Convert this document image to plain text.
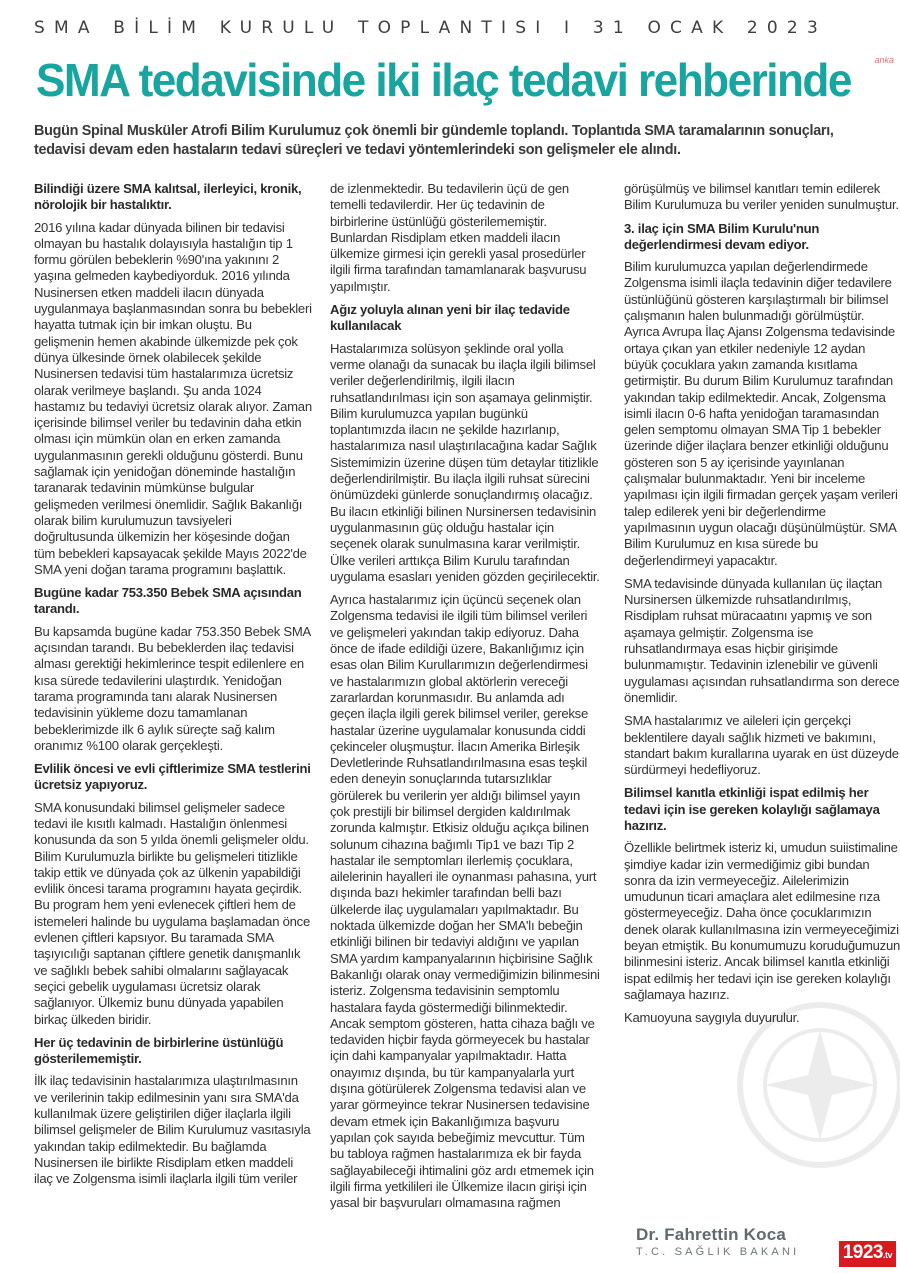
SMA BİLİM KURULU TOPLANTISI I 31 OCAK 2023
anka
SMA tedavisinde iki ilaç tedavi rehberinde
Bugün Spinal Musküler Atrofi Bilim Kurulumuz çok önemli bir gündemle toplandı. Toplantıda SMA taramalarının sonuçları, tedavisi devam eden hastaların tedavi süreçleri ve tedavi yöntemlerindeki son gelişmeler ele alındı.
Bilindiği üzere SMA kalıtsal, ilerleyici, kronik, nörolojik bir hastalıktır.

2016 yılına kadar dünyada bilinen bir tedavisi olmayan bu hastalık dolayısıyla hastalığın tip 1 formu görülen bebeklerin %90'ına yakınını 2 yaşına gelmeden kaybediyorduk. 2016 yılında Nusinersen etken maddeli ilacın dünyada uygulanmaya başlanmasından sonra bu bebekleri hayatta tutmak için bir imkan oluştu. Bu gelişmenin hemen akabinde ülkemizde pek çok dünya ülkesinde örnek olabilecek şekilde Nusinersen tedavisi tüm hastalarımıza ücretsiz olarak verilmeye başlandı. Şu anda 1024 hastamız bu tedaviyi ücretsiz olarak alıyor. Zaman içerisinde bilimsel veriler bu tedavinin daha etkin olması için mümkün olan en erken zamanda uygulanmasının gerekli olduğunu gösterdi. Bunu sağlamak için yenidoğan döneminde hastalığın taranarak tedavinin mümkünse bulgular gelişmeden verilmesi önemlidir. Sağlık Bakanlığı olarak bilim kurulumuzun tavsiyeleri doğrultusunda ülkemizin her köşesinde doğan tüm bebekleri kapsayacak şekilde Mayıs 2022'de SMA yeni doğan tarama programını başlattık.

Bugüne kadar 753.350 Bebek SMA açısından tarandı.

Bu kapsamda bugüne kadar 753.350 Bebek SMA açısından tarandı. Bu bebeklerden ilaç tedavisi alması gerektiği hekimlerince tespit edilenlere en kısa sürede tedavilerini ulaştırdık. Yenidoğan tarama programında tanı alarak Nusinersen tedavisinin yükleme dozu tamamlanan bebeklerimizde ilk 6 aylık süreçte sağ kalım oranımız %100 olarak gerçekleşti.

Evlilik öncesi ve evli çiftlerimize SMA testlerini ücretsiz yapıyoruz.

SMA konusundaki bilimsel gelişmeler sadece tedavi ile kısıtlı kalmadı. Hastalığın önlenmesi konusunda da son 5 yılda önemli gelişmeler oldu. Bilim Kurulumuzla birlikte bu gelişmeleri titizlikle takip ettik ve dünyada çok az ülkenin yapabildiği evlilik öncesi tarama programını hayata geçirdik. Bu program hem yeni evlenecek çiftleri hem de istemeleri halinde bu uygulama başlamadan önce evlenen çiftleri kapsıyor. Bu taramada SMA taşıyıcılığı saptanan çiftlere genetik danışmanlık ve sağlıklı bebek sahibi olmalarını sağlayacak seçici gebelik uygulaması ücretsiz olarak sağlanıyor. Ülkemiz bunu dünyada yapabilen birkaç ülkeden biridir.

Her üç tedavinin de birbirlerine üstünlüğü gösterilememiştir.

İlk ilaç tedavisinin hastalarımıza ulaştırılmasının ve verilerinin takip edilmesinin yanı sıra SMA'da kullanılmak üzere geliştirilen diğer ilaçlarla ilgili bilimsel gelişmeler de Bilim Kurulumuz vasıtasıyla yakından takip edilmektedir. Bu bağlamda Nusinersen ile birlikte Risdiplam etken maddeli ilaç ve Zolgensma isimli ilaçlarla ilgili tüm veriler

de izlenmektedir. Bu tedavilerin üçü de gen temelli tedavilerdir. Her üç tedavinin de birbirlerine üstünlüğü gösterilememiştir. Bunlardan Risdiplam etken maddeli ilacın ülkemize girmesi için gerekli yasal prosedürler ilgili firma tarafından tamamlanarak başvurusu yapılmıştır.

Ağız yoluyla alınan yeni bir ilaç tedavide kullanılacak

Hastalarımıza solüsyon şeklinde oral yolla verme olanağı da sunacak bu ilaçla ilgili bilimsel veriler değerlendirilmiş, ilgili ilacın ruhsatlandırılması için son aşamaya gelinmiştir. Bilim kurulumuzca yapılan bugünkü toplantımızda ilacın ne şekilde hazırlanıp, hastalarımıza nasıl ulaştırılacağına kadar Sağlık Sistemimizin üzerine düşen tüm detaylar titizlikle değerlendirilmiştir. Bu ilaçla ilgili ruhsat sürecini önümüzdeki günlerde sonuçlandırmış olacağız. Bu ilacın etkinliği bilinen Nursinersen tedavisinin uygulanmasının güç olduğu hastalar için seçenek olarak sunulmasına karar verilmiştir. Ülke verileri arttıkça Bilim Kurulu tarafından uygulama esasları yeniden gözden geçirilecektir.

Ayrıca hastalarımız için üçüncü seçenek olan Zolgensma tedavisi ile ilgili tüm bilimsel verileri ve gelişmeleri yakından takip ediyoruz. Daha önce de ifade edildiği üzere, Bakanlığımız için esas olan Bilim Kurullarımızın değerlendirmesi ve hastalarımızın global aktörlerin vereceği zararlardan korunmasıdır. Bu anlamda adı geçen ilaçla ilgili gerek bilimsel veriler, gerekse hastalar üzerine uygulamalar konusunda ciddi çekinceler oluşmuştur. İlacın Amerika Birleşik Devletlerinde Ruhsatlandırılmasına esas teşkil eden deneyin sonuçlarında tutarsızlıklar görülerek bu verilerin yer aldığı bilimsel yayın çok prestijli bir bilimsel dergiden kaldırılmak zorunda kalmıştır. Etkisiz olduğu açıkça bilinen solunum cihazına bağımlı Tip1 ve bazı Tip 2 hastalar ile semptomları ilerlemiş çocuklara, ailelerinin hayalleri ile oynanması pahasına, yurt dışında bazı hekimler tarafından belli bazı ülkelerde ilaç uygulamaları yapılmaktadır. Bu noktada ülkemizde doğan her SMA'lı bebeğin etkinliği bilinen bir tedaviyi aldığını ve yapılan SMA yardım kampanyalarının hiçbirisine Sağlık Bakanlığı olarak onay vermediğimizin bilinmesini isteriz. Zolgensma tedavisinin semptomlu hastalara fayda göstermediği bilinmektedir. Ancak semptom gösteren, hatta cihaza bağlı ve tedaviden hiçbir fayda görmeyecek bu hastalar için dahi kampanyalar yapılmaktadır. Hatta onayımız dışında, bu tür kampanyalarla yurt dışına götürülerek Zolgensma tedavisi alan ve yarar görmeyince tekrar Nusinersen tedavisine devam etmek için Bakanlığımıza başvuru yapılan çok sayıda bebeğimiz mevcuttur. Tüm bu tabloya rağmen hastalarımıza ek bir fayda sağlayabileceği ihtimalini göz ardı etmemek için ilgili firma yetkilileri ile Ülkemize ilacın girişi için yasal bir başvuruları olmamasına rağmen

görüşülmüş ve bilimsel kanıtları temin edilerek Bilim Kurulumuza bu veriler yeniden sunulmuştur.

3. ilaç için SMA Bilim Kurulu'nun değerlendirmesi devam ediyor.

Bilim kurulumuzca yapılan değerlendirmede Zolgensma isimli ilaçla tedavinin diğer tedavilere üstünlüğünü gösteren karşılaştırmalı bir bilimsel çalışmanın halen bulunmadığı görülmüştür. Ayrıca Avrupa İlaç Ajansı Zolgensma tedavisinde ortaya çıkan yan etkiler nedeniyle 12 aydan büyük çocuklara yakın zamanda kısıtlama getirmiştir. Bu durum Bilim Kurulumuz tarafından yakından takip edilmektedir. Ancak, Zolgensma isimli ilacın 0-6 hafta yenidoğan taramasından gelen semptomu olmayan SMA Tip 1 bebekler üzerinde diğer ilaçlara benzer etkinliği olduğunu gösteren son 5 ay içerisinde yayınlanan çalışmalar bulunmaktadır. Yeni bir inceleme yapılması için ilgili firmadan gerçek yaşam verileri talep edilerek yeni bir değerlendirme yapılmasının uygun olacağı düşünülmüştür. SMA Bilim Kurulumuz en kısa sürede bu değerlendirmeyi yapacaktır.

SMA tedavisinde dünyada kullanılan üç ilaçtan Nursinersen ülkemizde ruhsatlandırılmış, Risdiplam ruhsat müracaatını yapmış ve son aşamaya gelmiştir. Zolgensma ise ruhsatlandırmaya esas hiçbir girişimde bulunmamıştır. Tedavinin izlenebilir ve güvenli uygulaması açısından ruhsatlandırma son derece önemlidir.

SMA hastalarımız ve aileleri için gerçekçi beklentilere dayalı sağlık hizmeti ve bakımını, standart bakım kurallarına uyarak en üst düzeyde sürdürmeyi hedefliyoruz.

Bilimsel kanıtla etkinliği ispat edilmiş her tedavi için ise gereken kolaylığı sağlamaya hazırız.

Özellikle belirtmek isteriz ki, umudun suiistimaline şimdiye kadar izin vermediğimiz gibi bundan sonra da izin vermeyeceğiz. Ailelerimizin umudunun ticari amaçlara alet edilmesine rıza göstermeyeceğiz. Daha önce çocuklarımızın denek olarak kullanılmasına izin vermeyeceğimizi beyan etmiştik. Bu konumumuzu koruduğumuzun bilinmesini isteriz. Ancak bilimsel kanıtla etkinliği ispat edilmiş her tedavi için ise gereken kolaylığı sağlamaya hazırız.

Kamuoyuna saygıyla duyurulur.

Dr. Fahrettin Koca
T.C. SAĞLIK BAKANI 1923.tv
